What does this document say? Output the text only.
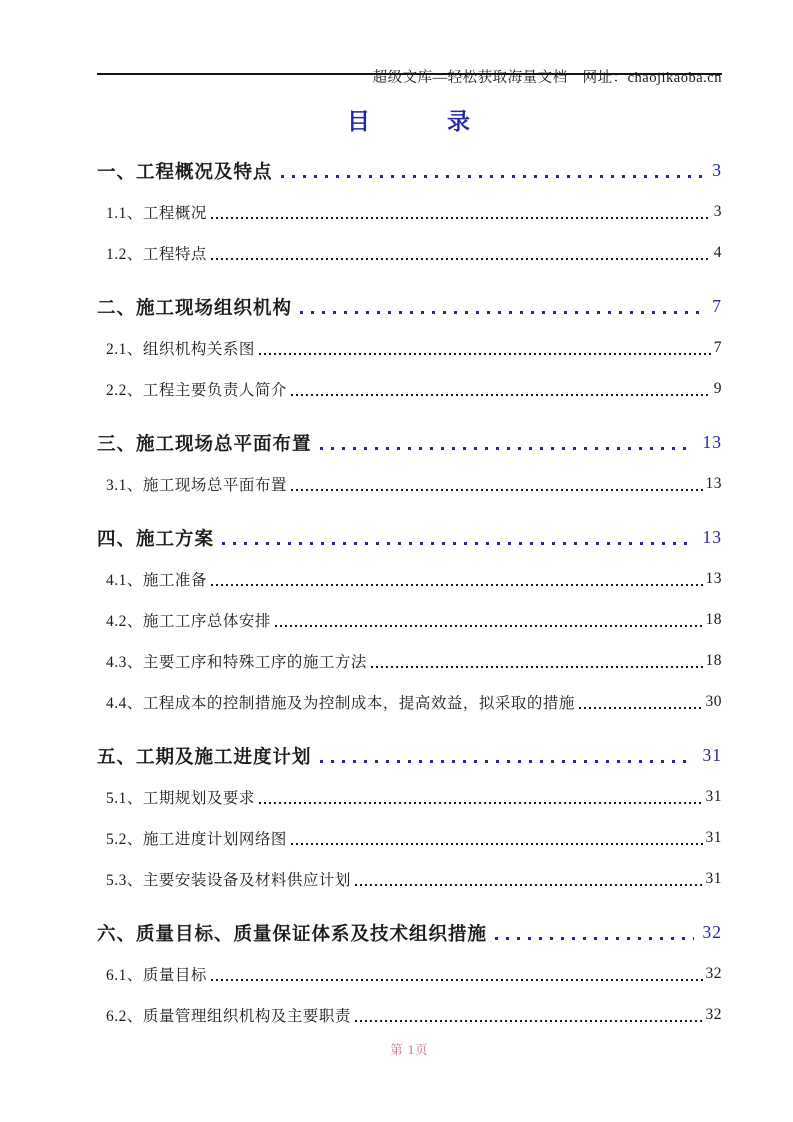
超级文库—轻松获取海量文档　网址：chaojikaoba.cn

目　　　录
一、工程概况及特点	3
1.1、工程概况	3
1.2、工程特点	4
二、施工现场组织机构	7
2.1、组织机构关系图	7
2.2、工程主要负责人简介	9
三、施工现场总平面布置	13
3.1、施工现场总平面布置	13
四、施工方案	13
4.1、施工准备	13
4.2、施工工序总体安排	18
4.3、主要工序和特殊工序的施工方法	18
4.4、工程成本的控制措施及为控制成本，提高效益，拟采取的措施	30
五、工期及施工进度计划	31
5.1、工期规划及要求	31
5.2、施工进度计划网络图	31
5.3、主要安装设备及材料供应计划	31
六、质量目标、质量保证体系及技术组织措施	32
6.1、质量目标	32
6.2、质量管理组织机构及主要职责	32
第 1页
